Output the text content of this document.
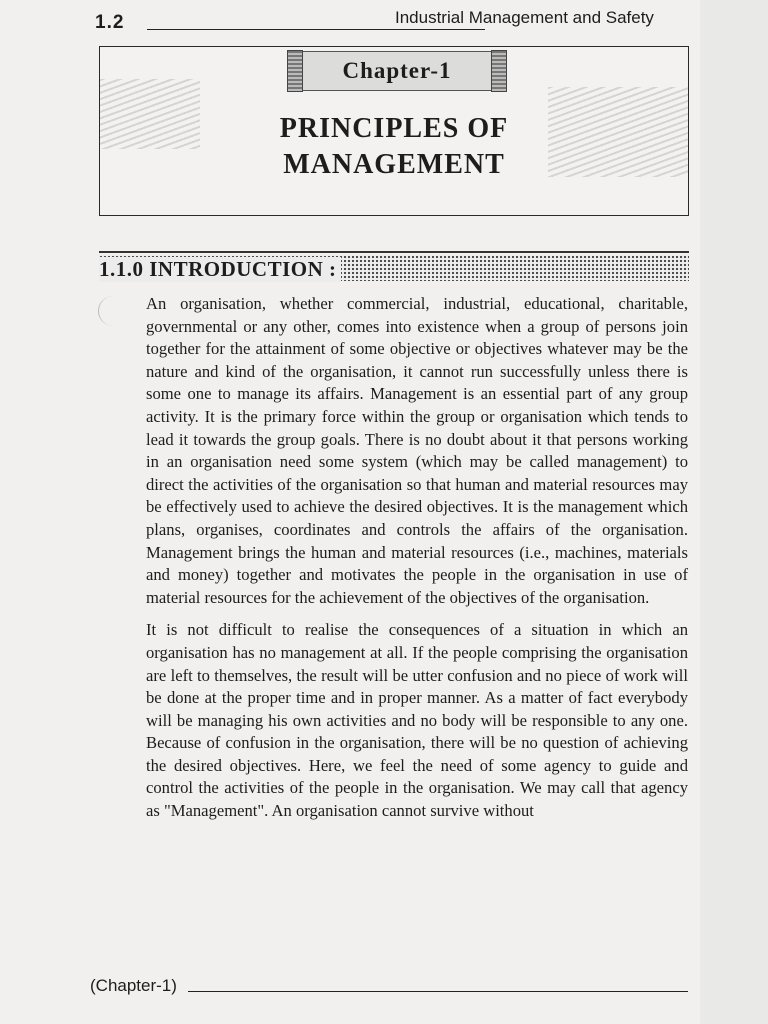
1.2	Industrial Management and Safety
Chapter-1
PRINCIPLES OF
MANAGEMENT
1.1.0 INTRODUCTION :

An organisation, whether commercial, industrial, educational, charitable, governmental or any other, comes into existence when a group of persons join together for the attainment of some objective or objectives whatever may be the nature and kind of the organisation, it cannot run successfully unless there is some one to manage its affairs. Management is an essential part of any group activity. It is the primary force within the group or organisation which tends to lead it towards the group goals. There is no doubt about it that persons working in an organisation need some system (which may be called management) to direct the activities of the organisation so that human and material resources may be effectively used to achieve the desired objectives. It is the management which plans, organises, coordinates and controls the affairs of the organisation. Management brings the human and material resources (i.e., machines, materials and money) together and motivates the people in the organisation in use of material resources for the achievement of the objectives of the organisation.

It is not difficult to realise the consequences of a situation in which an organisation has no management at all. If the people comprising the organisation are left to themselves, the result will be utter confusion and no piece of work will be done at the proper time and in proper manner. As a matter of fact everybody will be managing his own activities and no body will be responsible to any one. Because of confusion in the organisation, there will be no question of achieving the desired objectives. Here, we feel the need of some agency to guide and control the activities of the people in the organisation. We may call that agency as "Management". An organisation cannot survive without

(Chapter-1)
